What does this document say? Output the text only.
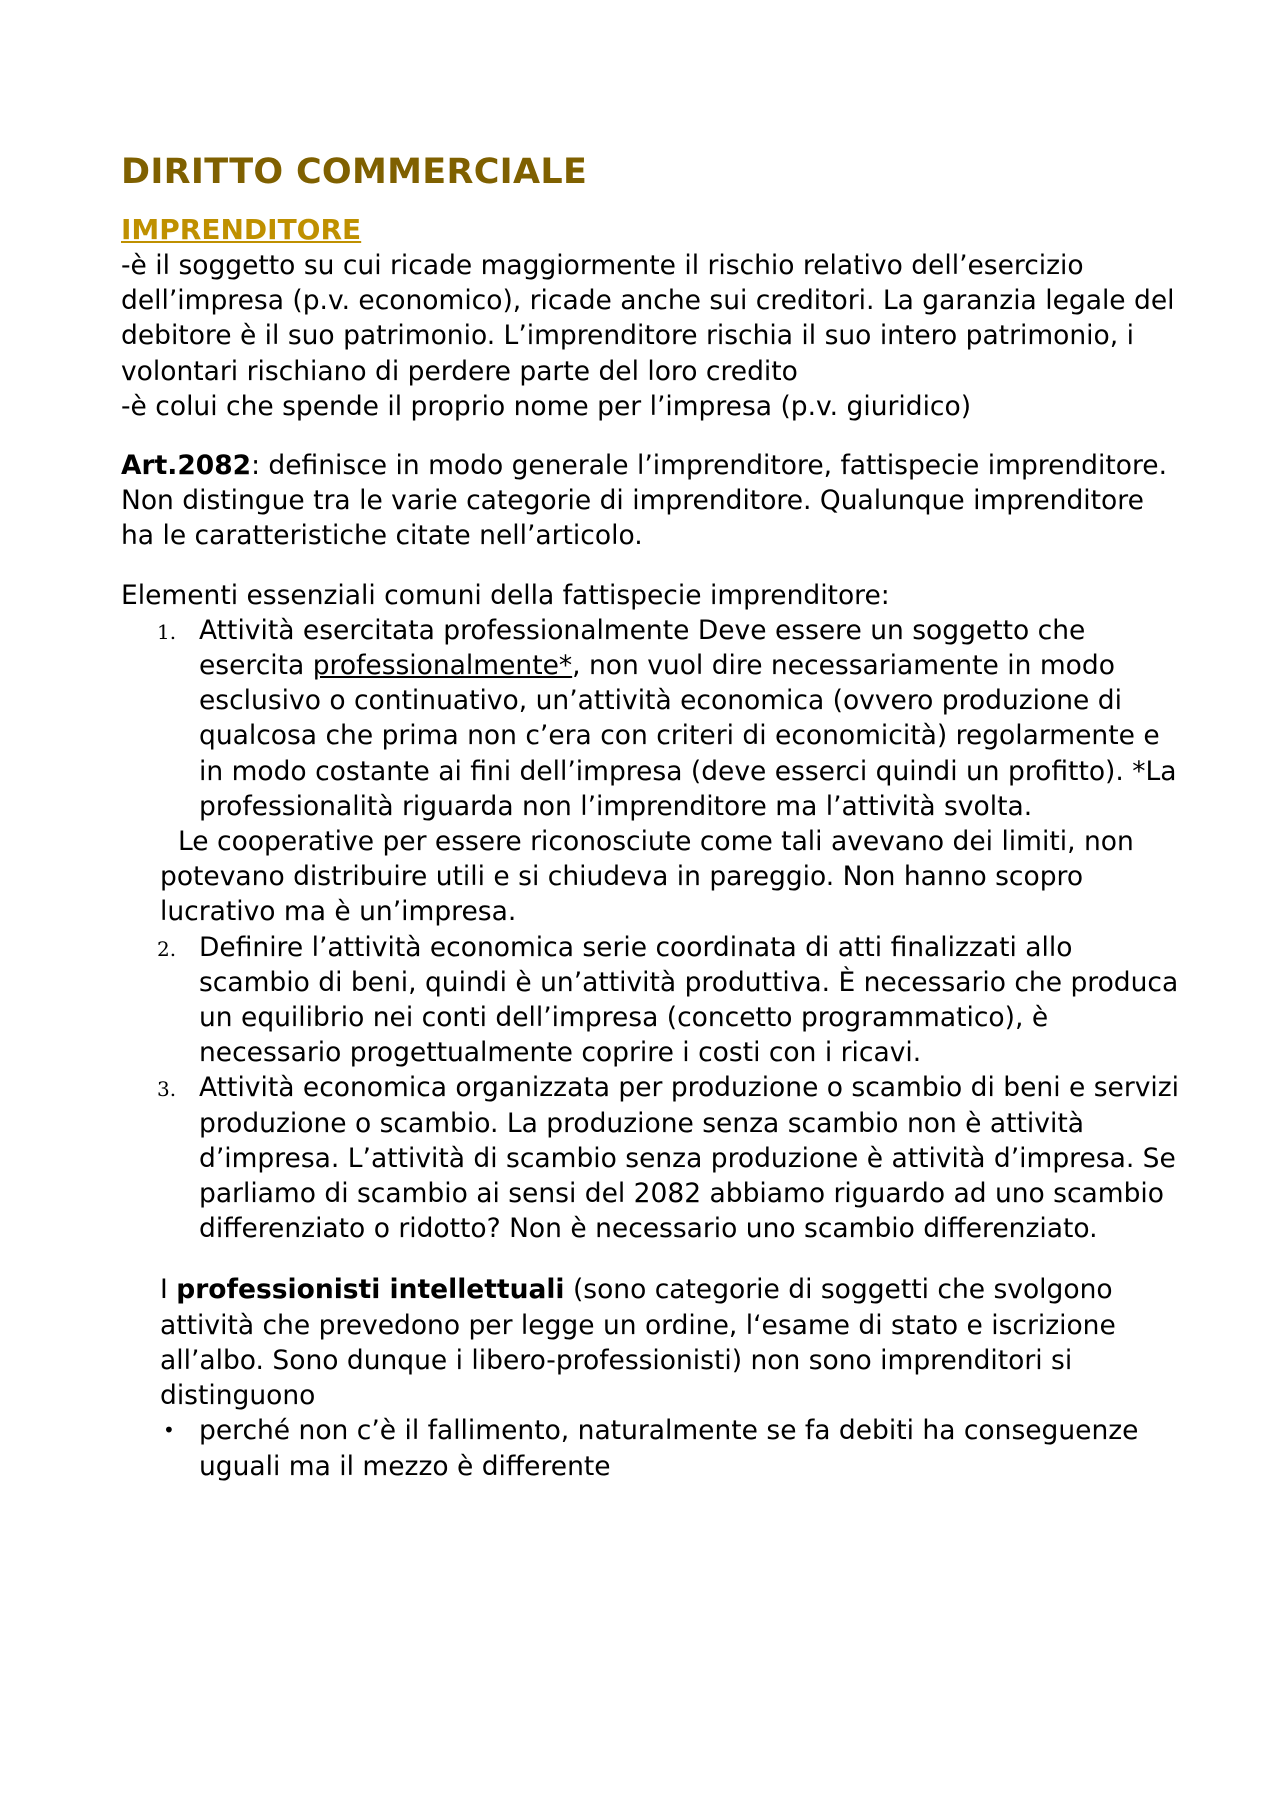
DIRITTO COMMERCIALE
IMPRENDITORE

-è il soggetto su cui ricade maggiormente il rischio relativo dell’esercizio dell’impresa (p.v. economico), ricade anche sui creditori. La garanzia legale del debitore è il suo patrimonio. L’imprenditore rischia il suo intero patrimonio, i volontari rischiano di perdere parte del loro credito

-è colui che spende il proprio nome per l’impresa (p.v. giuridico)

Art.2082: definisce in modo generale l’imprenditore, fattispecie imprenditore. Non distingue tra le varie categorie di imprenditore. Qualunque imprenditore ha le caratteristiche citate nell’articolo.

Elementi essenziali comuni della fattispecie imprenditore:

1. Attività esercitata professionalmente Deve essere un soggetto che esercita professionalmente*, non vuol dire necessariamente in modo esclusivo o continuativo, un’attività economica (ovvero produzione di qualcosa che prima non c’era con criteri di economicità) regolarmente e in modo costante ai fini dell’impresa (deve esserci quindi un profitto). *La professionalità riguarda non l’imprenditore ma l’attività svolta.

Le cooperative per essere riconosciute come tali avevano dei limiti, non potevano distribuire utili e si chiudeva in pareggio. Non hanno scopro lucrativo ma è un’impresa.

2. Definire l’attività economica serie coordinata di atti finalizzati allo scambio di beni, quindi è un’attività produttiva. È necessario che produca un equilibrio nei conti dell’impresa (concetto programmatico), è necessario progettualmente coprire i costi con i ricavi.
3. Attività economica organizzata per produzione o scambio di beni e servizi produzione o scambio. La produzione senza scambio non è attività d’impresa. L’attività di scambio senza produzione è attività d’impresa. Se parliamo di scambio ai sensi del 2082 abbiamo riguardo ad uno scambio differenziato o ridotto? Non è necessario uno scambio differenziato.

I professionisti intellettuali (sono categorie di soggetti che svolgono attività che prevedono per legge un ordine, l‘esame di stato e iscrizione all’albo. Sono dunque i libero-professionisti) non sono imprenditori si distinguono

• perché non c’è il fallimento, naturalmente se fa debiti ha conseguenze uguali ma il mezzo è differente
